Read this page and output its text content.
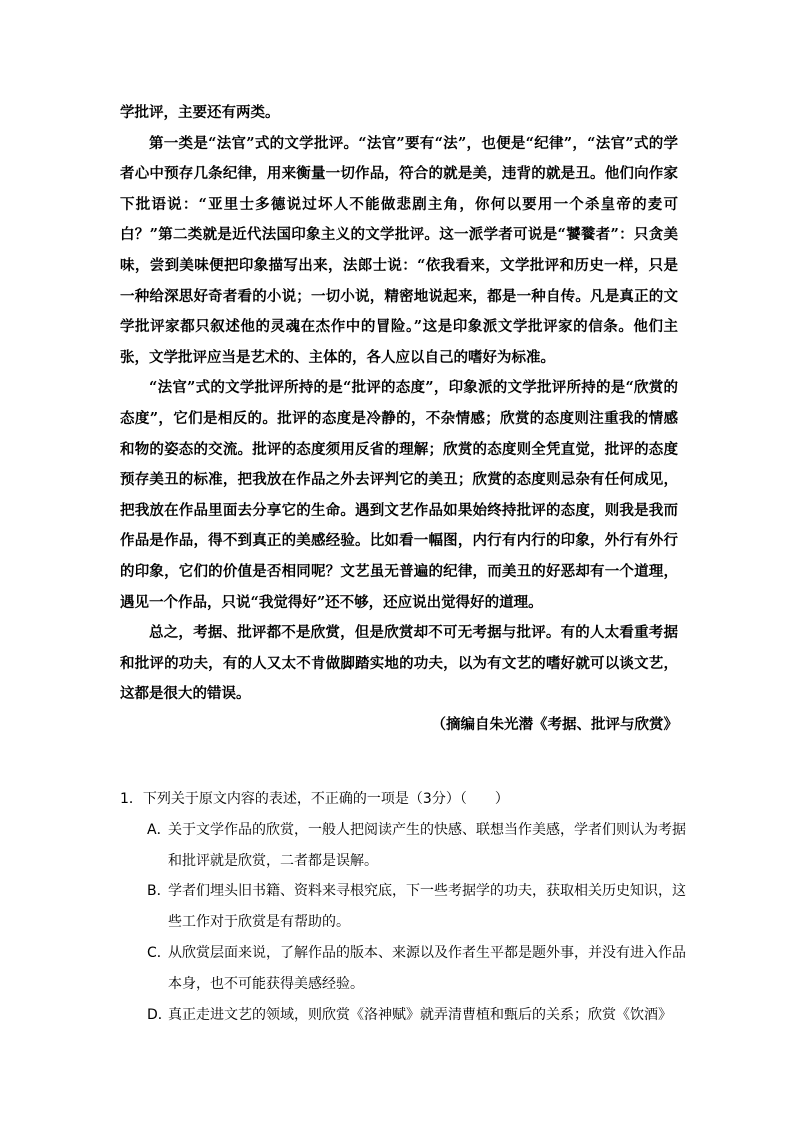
学批评，主要还有两类。

第一类是“法官”式的文学批评。“法官”要有“法”，也便是“纪律”，“法官”式的学者心中预存几条纪律，用来衡量一切作品，符合的就是美，违背的就是丑。他们向作家下批语说：“亚里士多德说过坏人不能做悲剧主角，你何以要用一个杀皇帝的麦可白？”第二类就是近代法国印象主义的文学批评。这一派学者可说是“饕餮者”：只贪美味，尝到美味便把印象描写出来，法郎士说：“依我看来，文学批评和历史一样，只是一种给深思好奇者看的小说；一切小说，精密地说起来，都是一种自传。凡是真正的文学批评家都只叙述他的灵魂在杰作中的冒险。”这是印象派文学批评家的信条。他们主张，文学批评应当是艺术的、主体的，各人应以自己的嗜好为标准。

“法官”式的文学批评所持的是“批评的态度”，印象派的文学批评所持的是“欣赏的态度”，它们是相反的。批评的态度是冷静的，不杂情感；欣赏的态度则注重我的情感和物的姿态的交流。批评的态度须用反省的理解；欣赏的态度则全凭直觉，批评的态度预存美丑的标准，把我放在作品之外去评判它的美丑；欣赏的态度则忌杂有任何成见，把我放在作品里面去分享它的生命。遇到文艺作品如果始终持批评的态度，则我是我而作品是作品，得不到真正的美感经验。比如看一幅图，内行有内行的印象，外行有外行的印象，它们的价值是否相同呢？文艺虽无普遍的纪律，而美丑的好恶却有一个道理，遇见一个作品，只说“我觉得好”还不够，还应说出觉得好的道理。

总之，考据、批评都不是欣赏，但是欣赏却不可无考据与批评。有的人太看重考据和批评的功夫，有的人又太不肯做脚踏实地的功夫，以为有文艺的嗜好就可以谈文艺，这都是很大的错误。

（摘编自朱光潜《考据、批评与欣赏》

1．下列关于原文内容的表述，不正确的一项是（3分）（　　）

A．关于文学作品的欣赏，一般人把阅读产生的快感、联想当作美感，学者们则认为考据和批评就是欣赏，二者都是误解。

B．学者们埋头旧书籍、资料来寻根究底，下一些考据学的功夫，获取相关历史知识，这些工作对于欣赏是有帮助的。

C．从欣赏层面来说，了解作品的版本、来源以及作者生平都是题外事，并没有进入作品本身，也不可能获得美感经验。

D．真正走进文艺的领域，则欣赏《洛神赋》就弄清曹植和甄后的关系；欣赏《饮酒》
